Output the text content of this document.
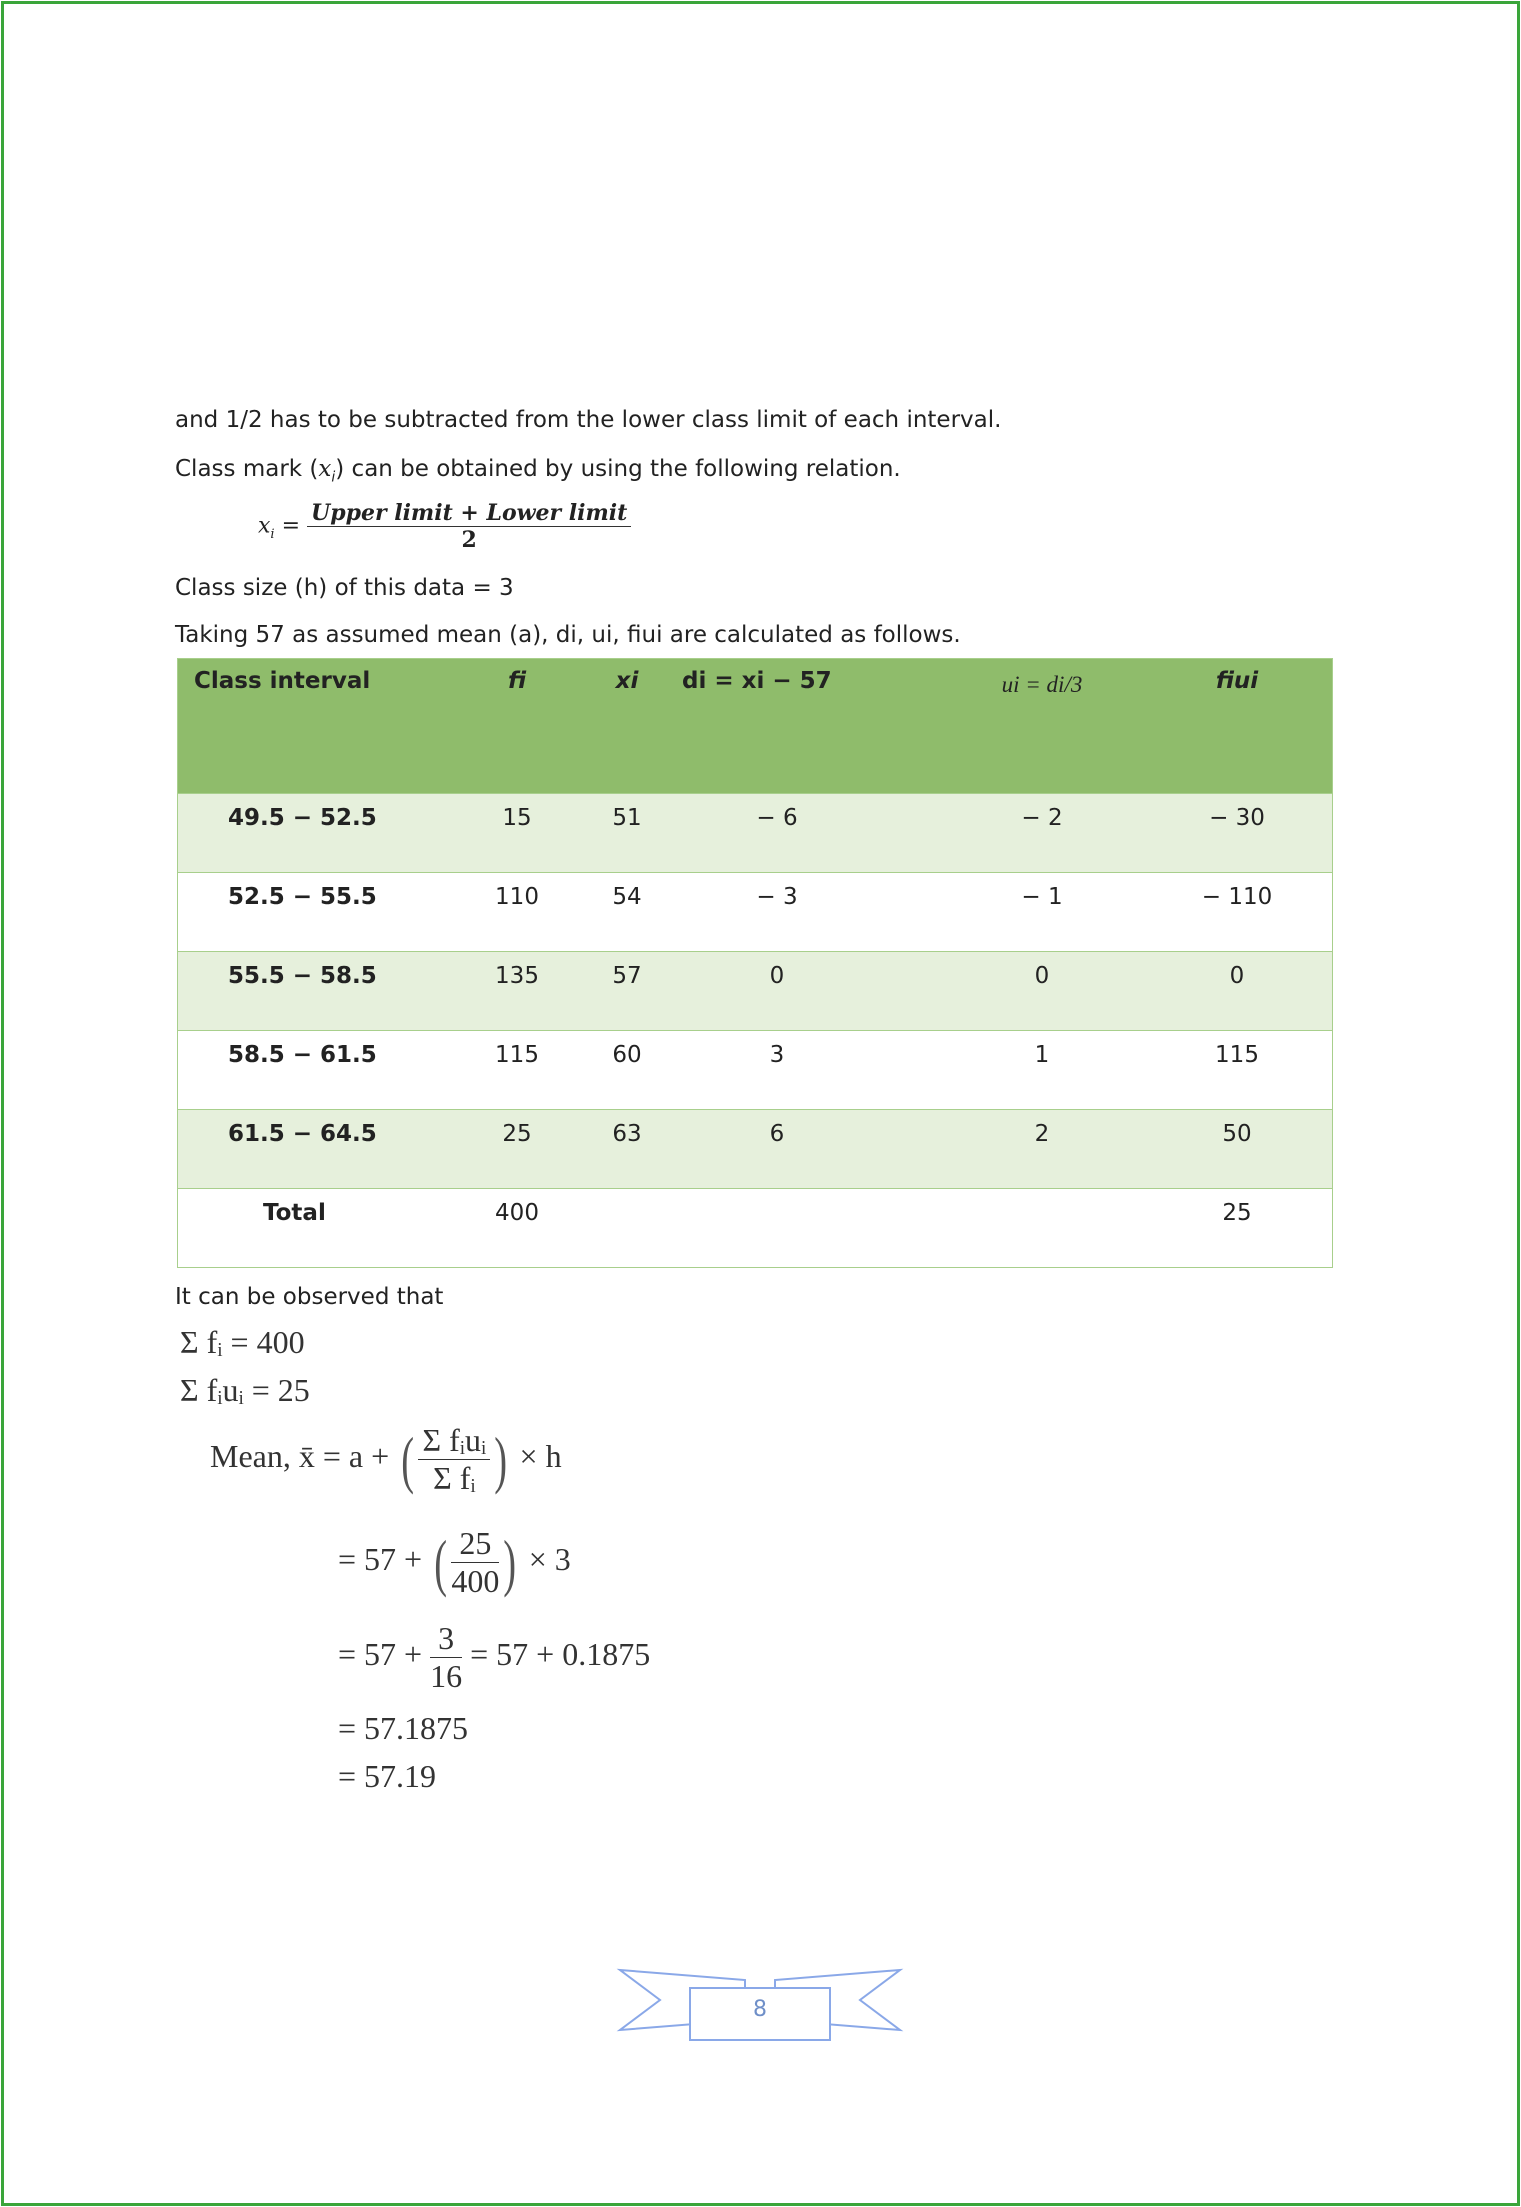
and 1/2 has to be subtracted from the lower class limit of each interval.
Class mark $(x_i)$ can be obtained by using the following relation.
$x_i = \frac{\text{Upper limit + Lower limit}}{2}$
Class size (h) of this data = 3
Taking 57 as assumed mean (a), di, ui, fiui are calculated as follows.
Class interval	fi	xi	di = xi − 57	ui = di/3	fiui
49.5 − 52.5	15	51	− 6	− 2	− 30
52.5 − 55.5	110	54	− 3	− 1	− 110
55.5 − 58.5	135	57	0	0	0
58.5 − 61.5	115	60	3	1	115
61.5 − 64.5	25	63	6	2	50
Total	400				25
It can be observed that
Σ fᵢ = 400
Σ fᵢuᵢ = 25
Mean, x̄ = a + ( $\frac{\text{Σ fᵢuᵢ}}{\text{Σ fᵢ}}$ ) × h
= 57 + ( $\frac{25}{400}$ ) × 3
= $57 + \frac{3}{16} = 57 + 0.1875$
= 57.1875
= 57.19
8
